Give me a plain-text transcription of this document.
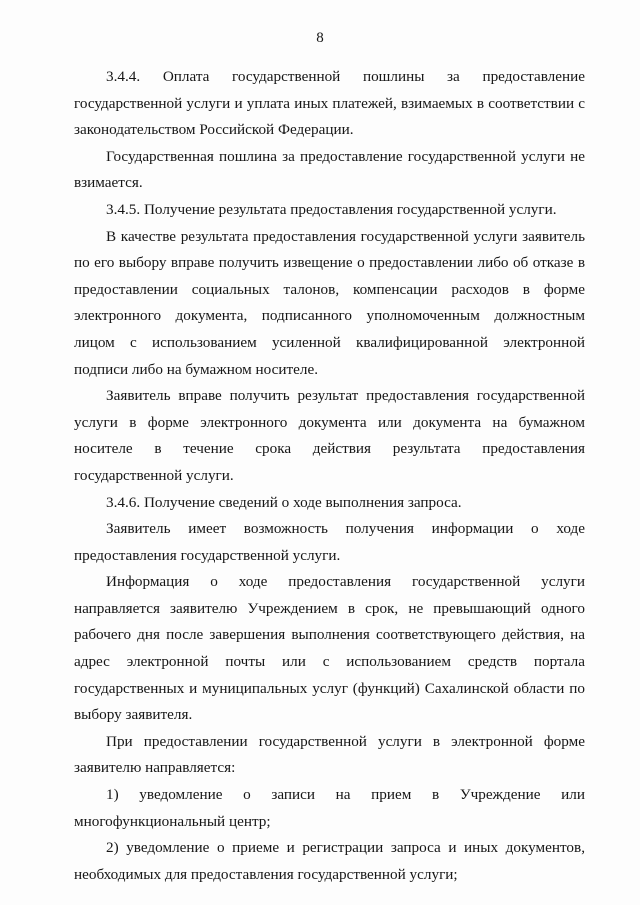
8

3.4.4. Оплата государственной пошлины за предоставление государственной услуги и уплата иных платежей, взимаемых в соответствии с законодательством Российской Федерации.

Государственная пошлина за предоставление государственной услуги не взимается.

3.4.5. Получение результата предоставления государственной услуги.

В качестве результата предоставления государственной услуги заявитель по его выбору вправе получить извещение о предоставлении либо об отказе в предоставлении социальных талонов, компенсации расходов в форме электронного документа, подписанного уполномоченным должностным лицом с использованием усиленной квалифицированной электронной подписи либо на бумажном носителе.

Заявитель вправе получить результат предоставления государственной услуги в форме электронного документа или документа на бумажном носителе в течение срока действия результата предоставления государственной услуги.

3.4.6. Получение сведений о ходе выполнения запроса.

Заявитель имеет возможность получения информации о ходе предоставления государственной услуги.

Информация о ходе предоставления государственной услуги направляется заявителю Учреждением в срок, не превышающий одного рабочего дня после завершения выполнения соответствующего действия, на адрес электронной почты или с использованием средств портала государственных и муниципальных услуг (функций) Сахалинской области по выбору заявителя.

При предоставлении государственной услуги в электронной форме заявителю направляется:

1) уведомление о записи на прием в Учреждение или многофункциональный центр;

2) уведомление о приеме и регистрации запроса и иных документов, необходимых для предоставления государственной услуги;
